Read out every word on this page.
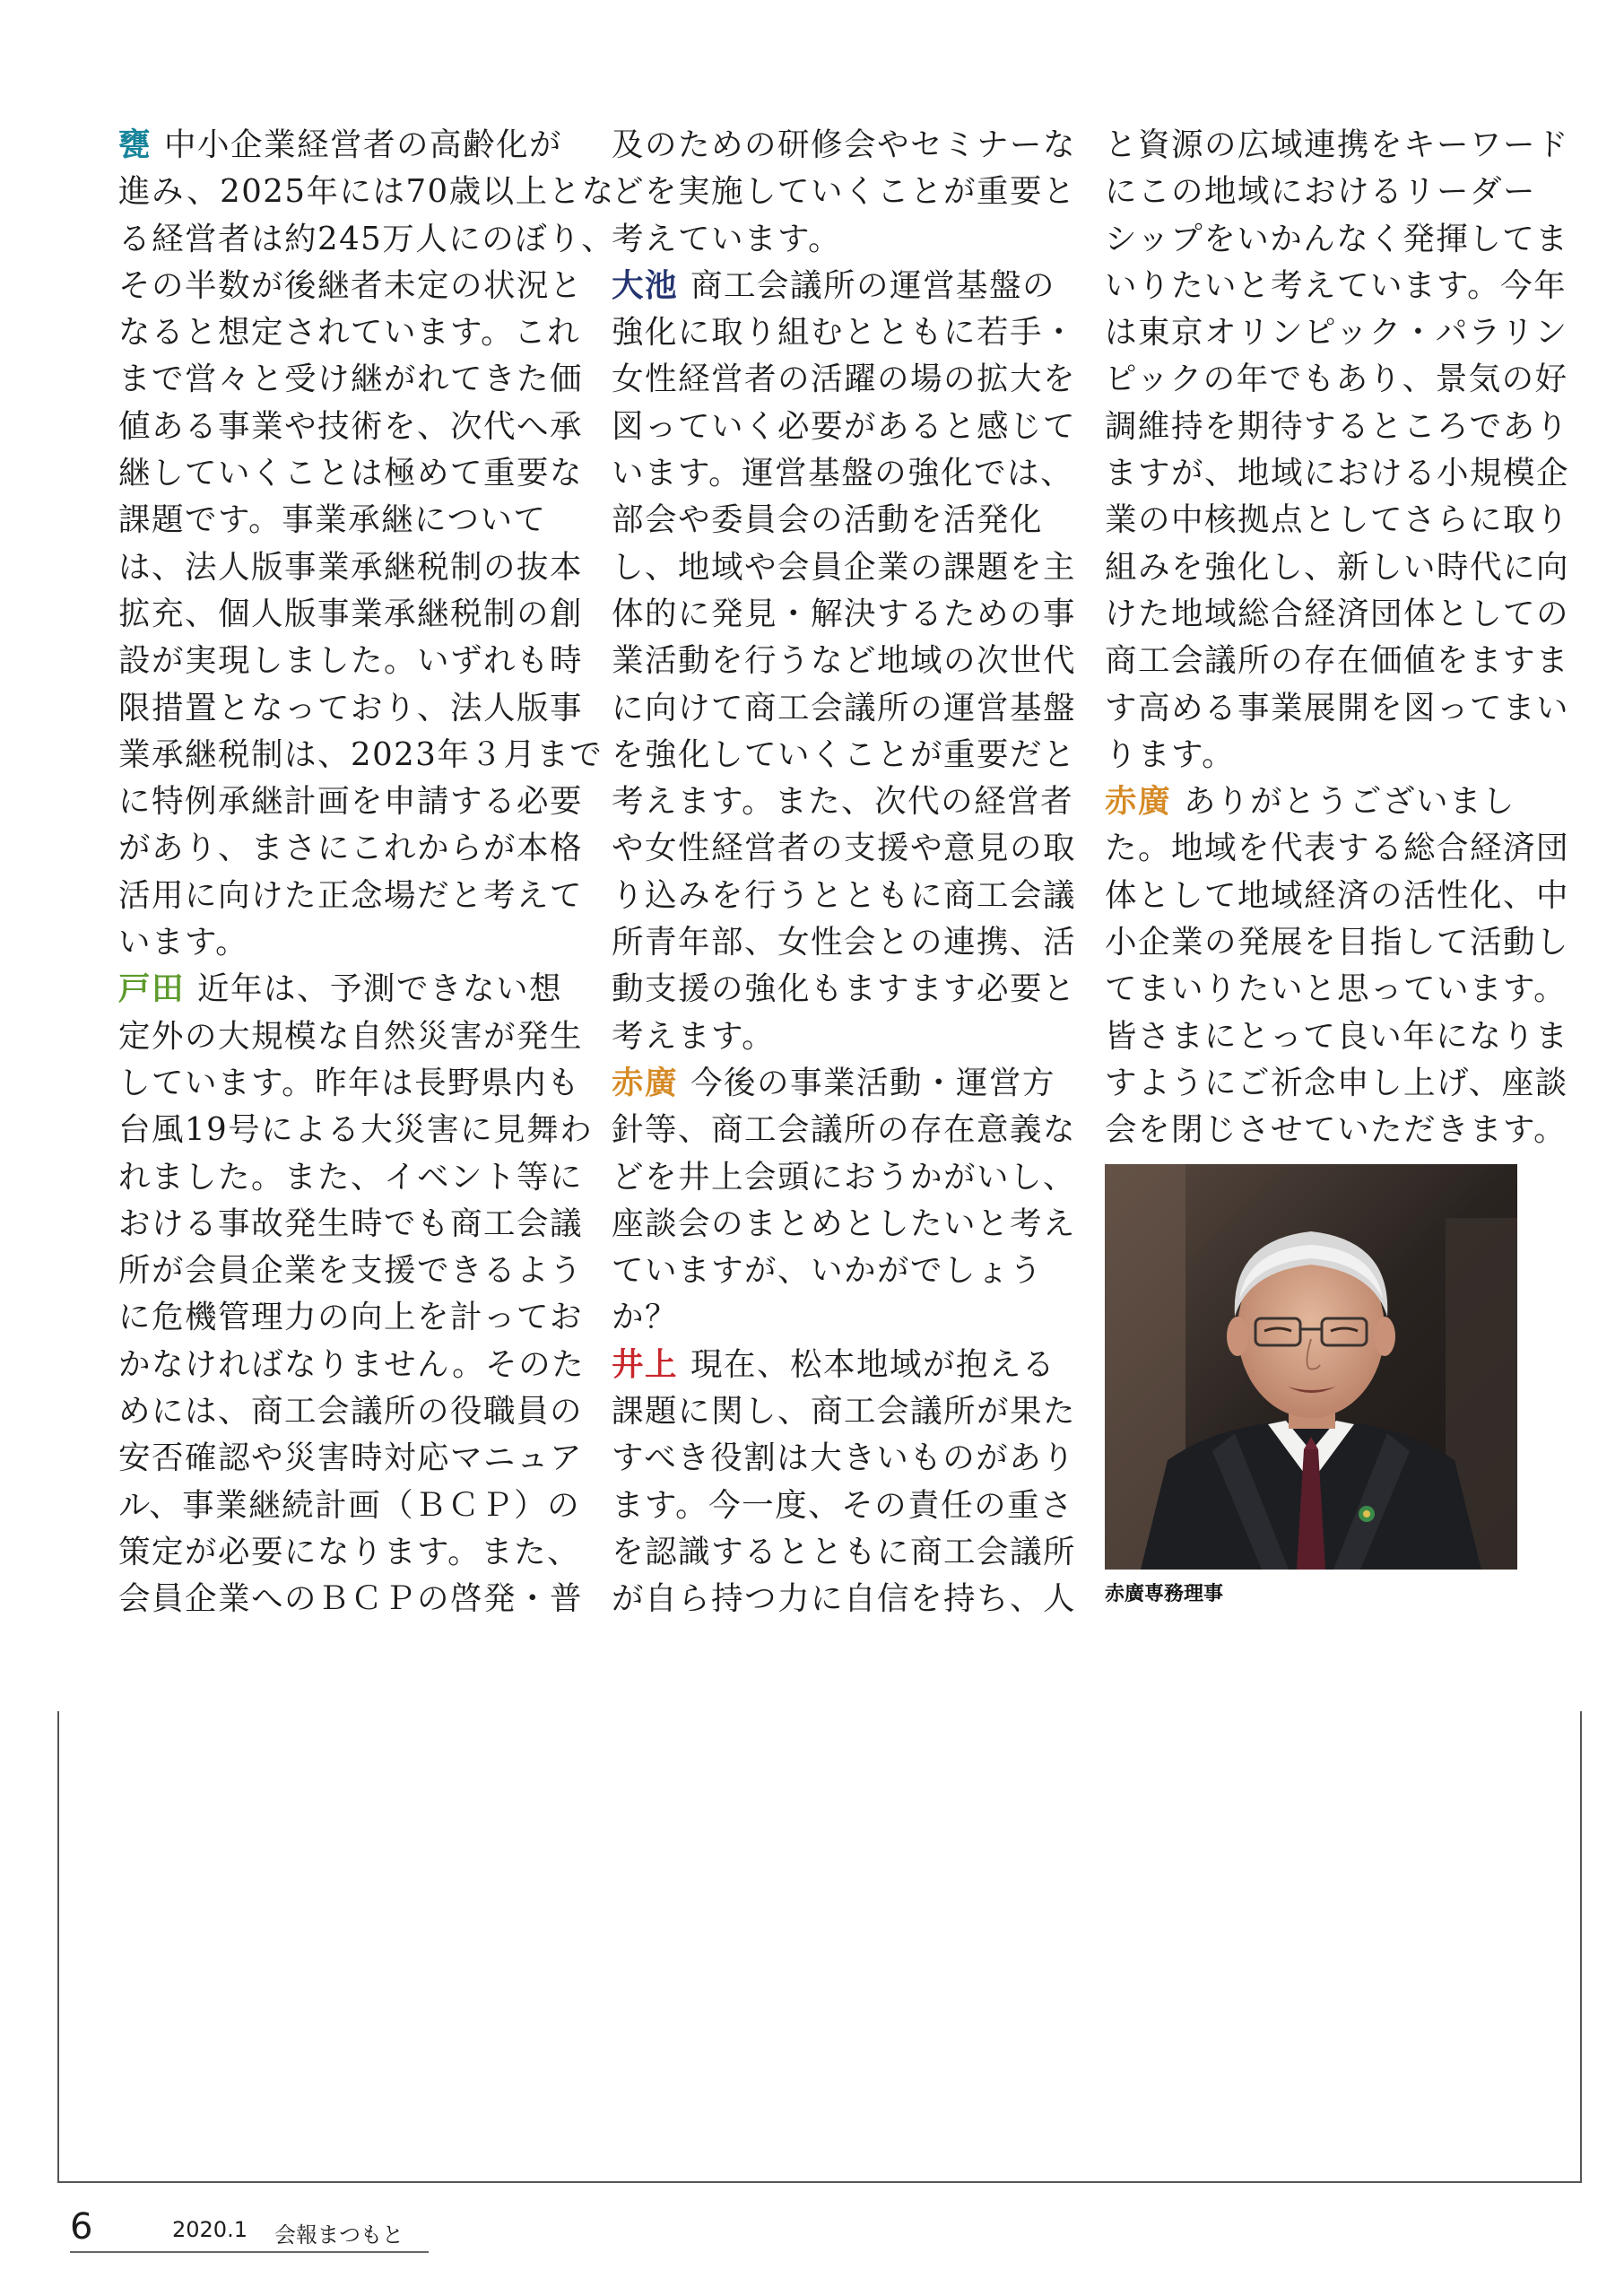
甕 中小企業経営者の高齢化が
進み、2025年には70歳以上とな
る経営者は約245万人にのぼり、
その半数が後継者未定の状況と
なると想定されています。これ
まで営々と受け継がれてきた価
値ある事業や技術を、次代へ承
継していくことは極めて重要な
課題です。事業承継について
は、法人版事業承継税制の抜本
拡充、個人版事業承継税制の創
設が実現しました。いずれも時
限措置となっており、法人版事
業承継税制は、2023年３月まで
に特例承継計画を申請する必要
があり、まさにこれからが本格
活用に向けた正念場だと考えて
います。
戸田 近年は、予測できない想
定外の大規模な自然災害が発生
しています。昨年は長野県内も
台風19号による大災害に見舞わ
れました。また、イベント等に
おける事故発生時でも商工会議
所が会員企業を支援できるよう
に危機管理力の向上を計ってお
かなければなりません。そのた
めには、商工会議所の役職員の
安否確認や災害時対応マニュア
ル、事業継続計画（ＢＣＰ）の
策定が必要になります。また、
会員企業へのＢＣＰの啓発・普
及のための研修会やセミナーな
どを実施していくことが重要と
考えています。
大池 商工会議所の運営基盤の
強化に取り組むとともに若手・
女性経営者の活躍の場の拡大を
図っていく必要があると感じて
います。運営基盤の強化では、
部会や委員会の活動を活発化
し、地域や会員企業の課題を主
体的に発見・解決するための事
業活動を行うなど地域の次世代
に向けて商工会議所の運営基盤
を強化していくことが重要だと
考えます。また、次代の経営者
や女性経営者の支援や意見の取
り込みを行うとともに商工会議
所青年部、女性会との連携、活
動支援の強化もますます必要と
考えます。
赤廣 今後の事業活動・運営方
針等、商工会議所の存在意義な
どを井上会頭におうかがいし、
座談会のまとめとしたいと考え
ていますが、いかがでしょう
か？
井上 現在、松本地域が抱える
課題に関し、商工会議所が果た
すべき役割は大きいものがあり
ます。今一度、その責任の重さ
を認識するとともに商工会議所
が自ら持つ力に自信を持ち、人
と資源の広域連携をキーワード
にこの地域におけるリーダー
シップをいかんなく発揮してま
いりたいと考えています。今年
は東京オリンピック・パラリン
ピックの年でもあり、景気の好
調維持を期待するところであり
ますが、地域における小規模企
業の中核拠点としてさらに取り
組みを強化し、新しい時代に向
けた地域総合経済団体としての
商工会議所の存在価値をますま
す高める事業展開を図ってまい
ります。
赤廣 ありがとうございまし
た。地域を代表する総合経済団
体として地域経済の活性化、中
小企業の発展を目指して活動し
てまいりたいと思っています。
皆さまにとって良い年になりま
すようにご祈念申し上げ、座談
会を閉じさせていただきます。
赤廣専務理事
6	2020.1 会報まつもと
